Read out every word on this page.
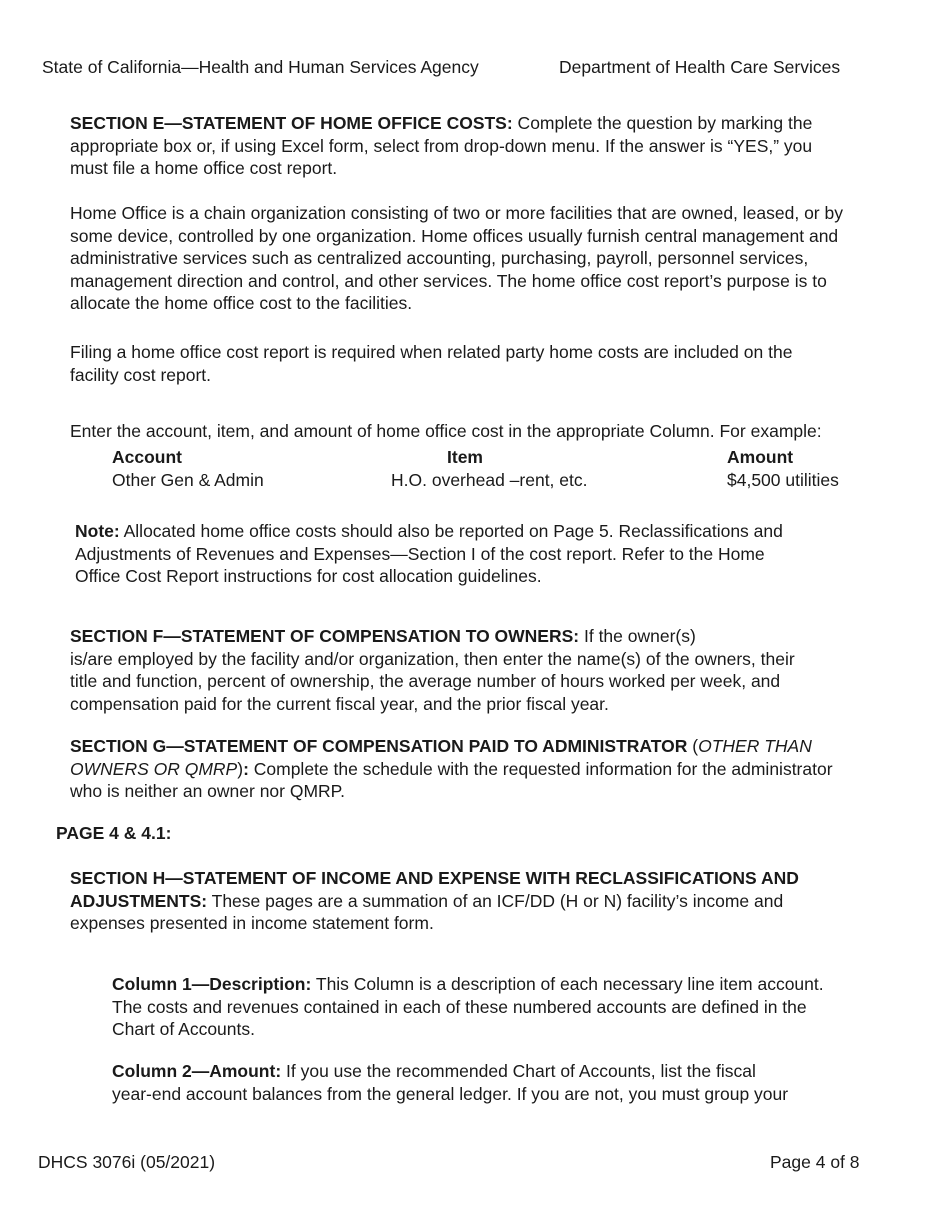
State of California—Health and Human Services Agency	Department of Health Care Services
SECTION E—STATEMENT OF HOME OFFICE COSTS: Complete the question by marking the
appropriate box or, if using Excel form, select from drop-down menu. If the answer is “YES,” you
must file a home office cost report.
Home Office is a chain organization consisting of two or more facilities that are owned, leased, or by
some device, controlled by one organization. Home offices usually furnish central management and
administrative services such as centralized accounting, purchasing, payroll, personnel services,
management direction and control, and other services. The home office cost report’s purpose is to
allocate the home office cost to the facilities.
Filing a home office cost report is required when related party home costs are included on the
facility cost report.
Enter the account, item, and amount of home office cost in the appropriate Column. For example:
Account	Item	Amount
Other Gen & Admin	H.O. overhead –rent, etc.	$4,500 utilities
Note: Allocated home office costs should also be reported on Page 5. Reclassifications and
Adjustments of Revenues and Expenses—Section I of the cost report. Refer to the Home
Office Cost Report instructions for cost allocation guidelines.
SECTION F—STATEMENT OF COMPENSATION TO OWNERS: If the owner(s)
is/are employed by the facility and/or organization, then enter the name(s) of the owners, their
title and function, percent of ownership, the average number of hours worked per week, and
compensation paid for the current fiscal year, and the prior fiscal year.
SECTION G—STATEMENT OF COMPENSATION PAID TO ADMINISTRATOR (OTHER THAN
OWNERS OR QMRP): Complete the schedule with the requested information for the administrator
who is neither an owner nor QMRP.
PAGE 4 & 4.1:
SECTION H—STATEMENT OF INCOME AND EXPENSE WITH RECLASSIFICATIONS AND
ADJUSTMENTS: These pages are a summation of an ICF/DD (H or N) facility’s income and
expenses presented in income statement form.
Column 1—Description: This Column is a description of each necessary line item account.
The costs and revenues contained in each of these numbered accounts are defined in the
Chart of Accounts.
Column 2—Amount: If you use the recommended Chart of Accounts, list the fiscal
year-end account balances from the general ledger. If you are not, you must group your
DHCS 3076i (05/2021)	Page 4 of 8
